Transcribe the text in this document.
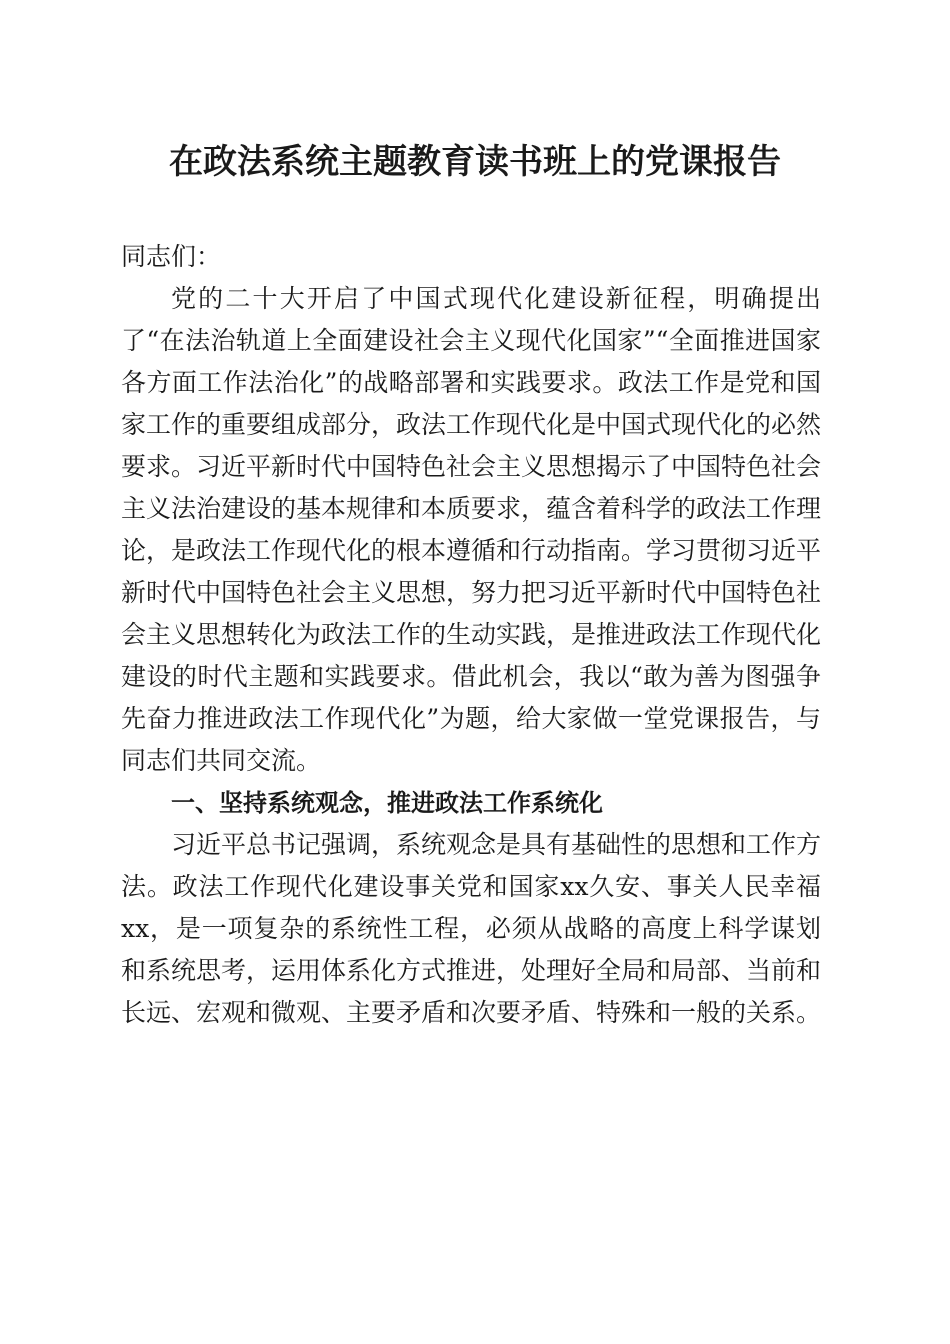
在政法系统主题教育读书班上的党课报告

同志们：

党的二十大开启了中国式现代化建设新征程，明确提出了“在法治轨道上全面建设社会主义现代化国家”“全面推进国家各方面工作法治化”的战略部署和实践要求。政法工作是党和国家工作的重要组成部分，政法工作现代化是中国式现代化的必然要求。习近平新时代中国特色社会主义思想揭示了中国特色社会主义法治建设的基本规律和本质要求，蕴含着科学的政法工作理论，是政法工作现代化的根本遵循和行动指南。学习贯彻习近平新时代中国特色社会主义思想，努力把习近平新时代中国特色社会主义思想转化为政法工作的生动实践，是推进政法工作现代化建设的时代主题和实践要求。借此机会，我以“敢为善为图强争先奋力推进政法工作现代化”为题，给大家做一堂党课报告，与同志们共同交流。

一、坚持系统观念，推进政法工作系统化

习近平总书记强调，系统观念是具有基础性的思想和工作方法。政法工作现代化建设事关党和国家xx久安、事关人民幸福xx，是一项复杂的系统性工程，必须从战略的高度上科学谋划和系统思考，运用体系化方式推进，处理好全局和局部、当前和长远、宏观和微观、主要矛盾和次要矛盾、特殊和一般的关系。
